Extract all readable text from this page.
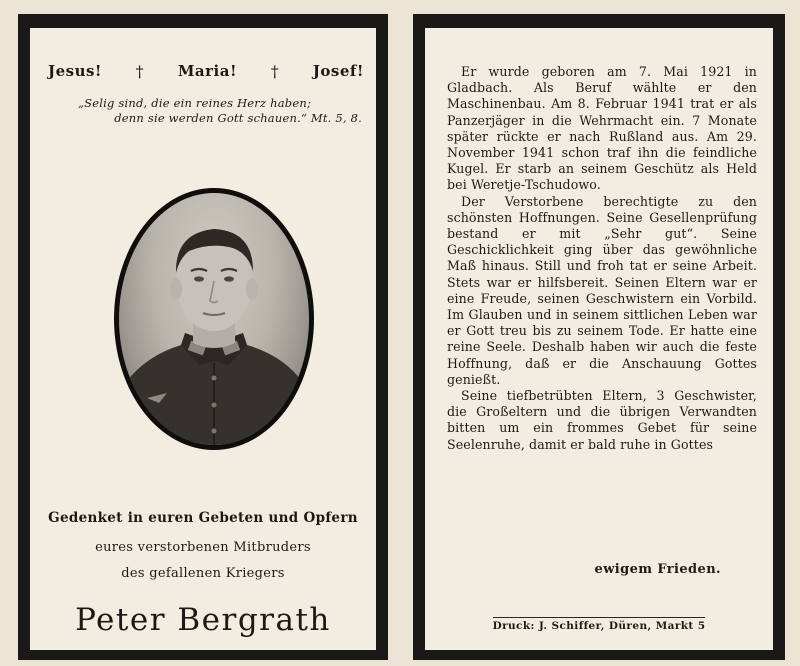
Jesus! † Maria! † Josef!
„Selig sind, die ein reines Herz haben;
denn sie werden Gott schauen.“ Mt. 5, 8.
Gedenket in euren Gebeten und Opfern
eures verstorbenen Mitbruders
des gefallenen Kriegers
Peter Bergrath

Er wurde geboren am 7. Mai 1921 in Gladbach. Als Beruf wählte er den Maschinenbau. Am 8. Februar 1941 trat er als Panzerjäger in die Wehrmacht ein. 7 Monate später rückte er nach Rußland aus. Am 29. November 1941 schon traf ihn die feindliche Kugel. Er starb an seinem Geschütz als Held bei Weretje-Tschudowo.

Der Verstorbene berechtigte zu den schönsten Hoffnungen. Seine Gesellenprüfung bestand er mit „Sehr gut“. Seine Geschicklichkeit ging über das gewöhnliche Maß hinaus. Still und froh tat er seine Arbeit. Stets war er hilfsbereit. Seinen Eltern war er eine Freude, seinen Geschwistern ein Vorbild. Im Glauben und in seinem sittlichen Leben war er Gott treu bis zu seinem Tode. Er hatte eine reine Seele. Deshalb haben wir auch die feste Hoffnung, daß er die Anschauung Gottes genießt.

Seine tiefbetrübten Eltern, 3 Geschwister, die Großeltern und die übrigen Verwandten bitten um ein frommes Gebet für seine Seelenruhe, damit er bald ruhe in Gottes

ewigem Frieden.
Druck: J. Schiffer, Düren, Markt 5
